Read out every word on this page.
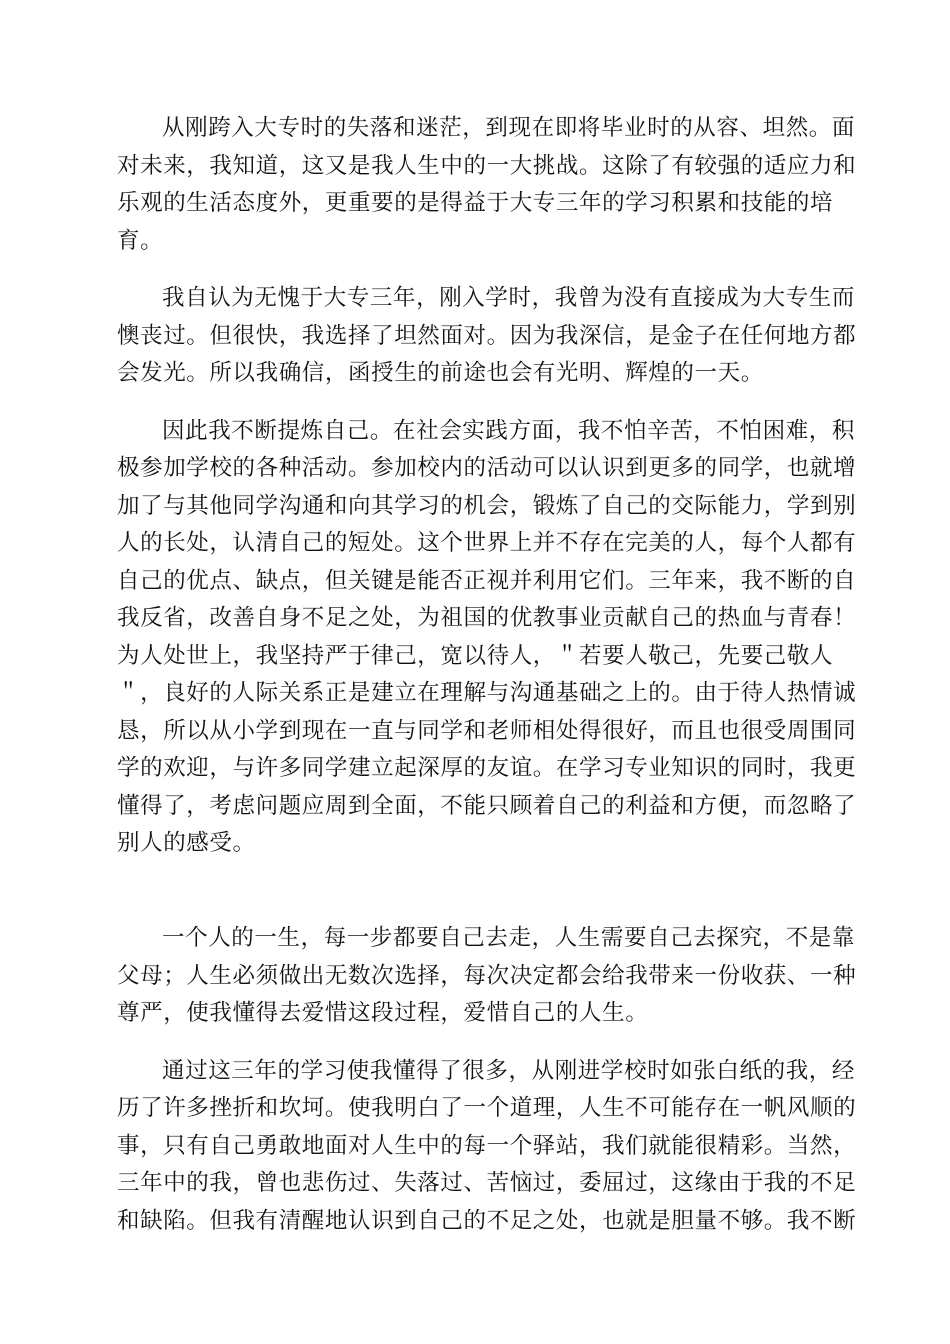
从刚跨入大专时的失落和迷茫，到现在即将毕业时的从容、坦然。面
对未来，我知道，这又是我人生中的一大挑战。这除了有较强的适应力和
乐观的生活态度外，更重要的是得益于大专三年的学习积累和技能的培
育。
我自认为无愧于大专三年，刚入学时，我曾为没有直接成为大专生而
懊丧过。但很快，我选择了坦然面对。因为我深信，是金子在任何地方都
会发光。所以我确信，函授生的前途也会有光明、辉煌的一天。
因此我不断提炼自己。在社会实践方面，我不怕辛苦，不怕困难，积
极参加学校的各种活动。参加校内的活动可以认识到更多的同学，也就增
加了与其他同学沟通和向其学习的机会，锻炼了自己的交际能力，学到别
人的长处，认清自己的短处。这个世界上并不存在完美的人，每个人都有
自己的优点、缺点，但关键是能否正视并利用它们。三年来，我不断的自
我反省，改善自身不足之处，为祖国的优教事业贡献自己的热血与青春！
为人处世上，我坚持严于律己，宽以待人，＂若要人敬己，先要己敬人
＂，良好的人际关系正是建立在理解与沟通基础之上的。由于待人热情诚
恳，所以从小学到现在一直与同学和老师相处得很好，而且也很受周围同
学的欢迎，与许多同学建立起深厚的友谊。在学习专业知识的同时，我更
懂得了，考虑问题应周到全面，不能只顾着自己的利益和方便，而忽略了
别人的感受。
一个人的一生，每一步都要自己去走，人生需要自己去探究，不是靠
父母；人生必须做出无数次选择，每次决定都会给我带来一份收获、一种
尊严，使我懂得去爱惜这段过程，爱惜自己的人生。
通过这三年的学习使我懂得了很多，从刚进学校时如张白纸的我，经
历了许多挫折和坎坷。使我明白了一个道理，人生不可能存在一帆风顺的
事，只有自己勇敢地面对人生中的每一个驿站，我们就能很精彩。当然，
三年中的我，曾也悲伤过、失落过、苦恼过，委屈过，这缘由于我的不足
和缺陷。但我有清醒地认识到自己的不足之处，也就是胆量不够。我不断
